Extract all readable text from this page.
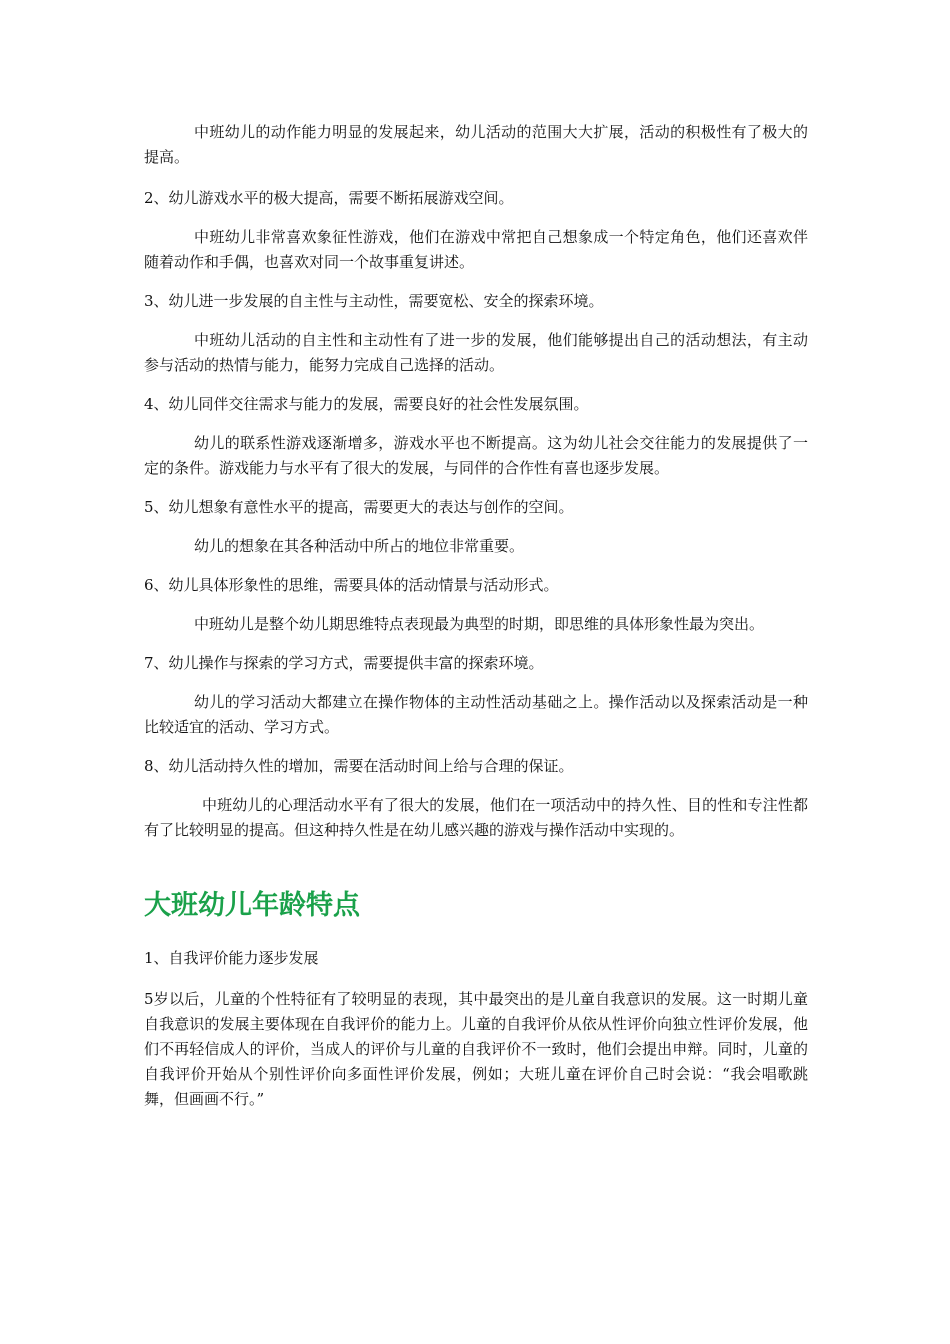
中班幼儿的动作能力明显的发展起来，幼儿活动的范围大大扩展，活动的积极性有了极大的提高。

2、幼儿游戏水平的极大提高，需要不断拓展游戏空间。

中班幼儿非常喜欢象征性游戏，他们在游戏中常把自己想象成一个特定角色，他们还喜欢伴随着动作和手偶，也喜欢对同一个故事重复讲述。

3、幼儿进一步发展的自主性与主动性，需要宽松、安全的探索环境。

中班幼儿活动的自主性和主动性有了进一步的发展，他们能够提出自己的活动想法，有主动参与活动的热情与能力，能努力完成自己选择的活动。

4、幼儿同伴交往需求与能力的发展，需要良好的社会性发展氛围。

幼儿的联系性游戏逐渐增多，游戏水平也不断提高。这为幼儿社会交往能力的发展提供了一定的条件。游戏能力与水平有了很大的发展，与同伴的合作性有喜也逐步发展。

5、幼儿想象有意性水平的提高，需要更大的表达与创作的空间。

幼儿的想象在其各种活动中所占的地位非常重要。

6、幼儿具体形象性的思维，需要具体的活动情景与活动形式。

中班幼儿是整个幼儿期思维特点表现最为典型的时期，即思维的具体形象性最为突出。

7、幼儿操作与探索的学习方式，需要提供丰富的探索环境。

幼儿的学习活动大都建立在操作物体的主动性活动基础之上。操作活动以及探索活动是一种比较适宜的活动、学习方式。

8、幼儿活动持久性的增加，需要在活动时间上给与合理的保证。

中班幼儿的心理活动水平有了很大的发展，他们在一项活动中的持久性、目的性和专注性都有了比较明显的提高。但这种持久性是在幼儿感兴趣的游戏与操作活动中实现的。

大班幼儿年龄特点

1、自我评价能力逐步发展

5岁以后，儿童的个性特征有了较明显的表现，其中最突出的是儿童自我意识的发展。这一时期儿童自我意识的发展主要体现在自我评价的能力上。儿童的自我评价从依从性评价向独立性评价发展，他们不再轻信成人的评价，当成人的评价与儿童的自我评价不一致时，他们会提出申辩。同时，儿童的自我评价开始从个别性评价向多面性评价发展，例如；大班儿童在评价自己时会说：“我会唱歌跳舞，但画画不行。”
